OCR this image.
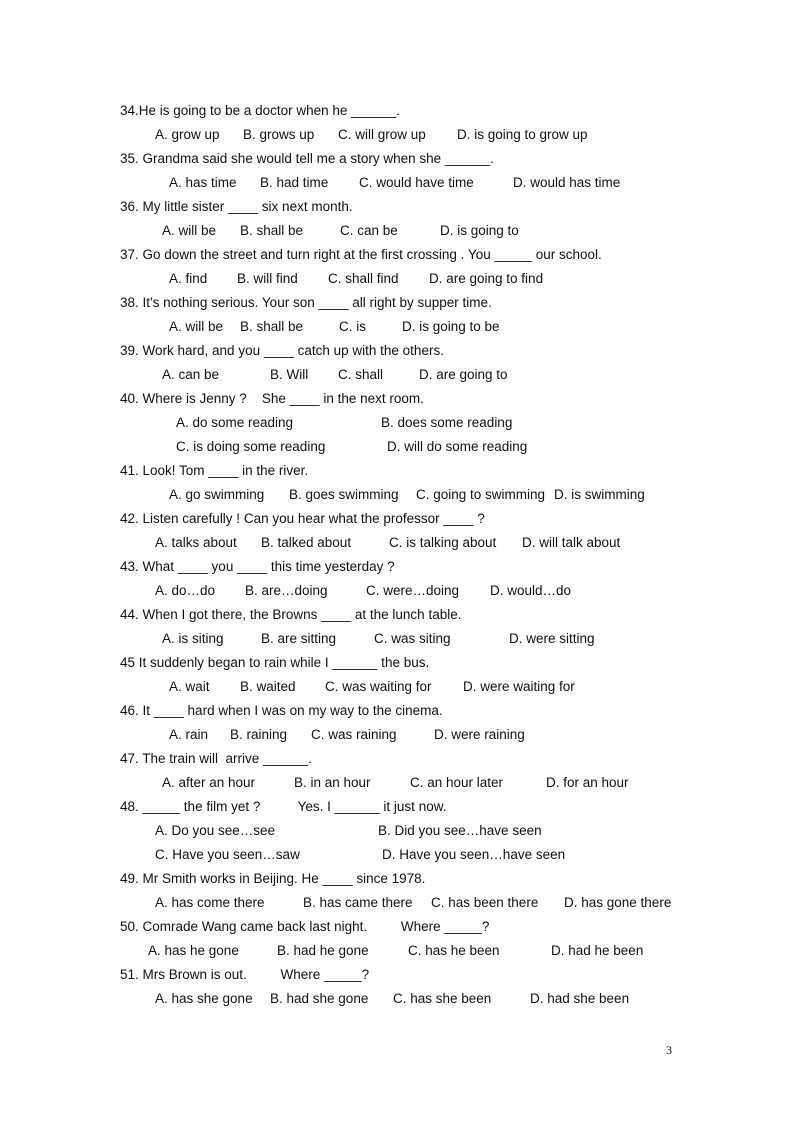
34.He is going to be a doctor when he ______.
A. grow up B. grows up C. will grow up D. is going to grow up
35. Grandma said she would tell me a story when she ______.
A. has time B. had time C. would have time	D. would has time
36. My little sister ____ six next month.
A. will be B. shall be	C. can be	D. is going to
37. Go down the street and turn right at the first crossing . You _____ our school.
A. find B. will find C. shall find D. are going to find
38. It's nothing serious. Your son ____ all right by supper time.
A. will be B. shall be	C. is	D. is going to be
39. Work hard, and you ____ catch up with the others.
A. can be	B. Will C. shall	D. are going to
40. Where is Jenny ?    She ____ in the next room.
A. do some reading	B. does some reading
C. is doing some reading	D. will do some reading
41. Look! Tom ____ in the river.
A. go swimming B. goes swimming C. going to swimming D. is swimming
42. Listen carefully ! Can you hear what the professor ____ ?
A. talks about B. talked about	C. is talking about D. will talk about
43. What ____ you ____ this time yesterday ?
A. do…do B. are…doing	C. were…doing D. would…do
44. When I got there, the Browns ____ at the lunch table.
A. is siting	B. are sitting	C. was siting	D. were sitting
45 It suddenly began to rain while I ______ the bus.
A. wait B. waited C. was waiting for D. were waiting for
46. It ____ hard when I was on my way to the cinema.
A. rain B. raining C. was raining	D. were raining
47. The train will  arrive ______.
A. after an hour	B. in an hour	C. an hour later	D. for an hour
48. _____ the film yet ?          Yes. I ______ it just now.
A. Do you see…see	B. Did you see…have seen
C. Have you seen…saw	D. Have you seen…have seen
49. Mr Smith works in Beijing. He ____ since 1978.
A. has come there	B. has came there C. has been there D. has gone there
50. Comrade Wang came back last night.         Where _____?
A. has he gone	B. had he gone	C. has he been	D. had he been
51. Mrs Brown is out.         Where _____?
A. has she gone B. had she gone C. has she been	D. had she been
3
